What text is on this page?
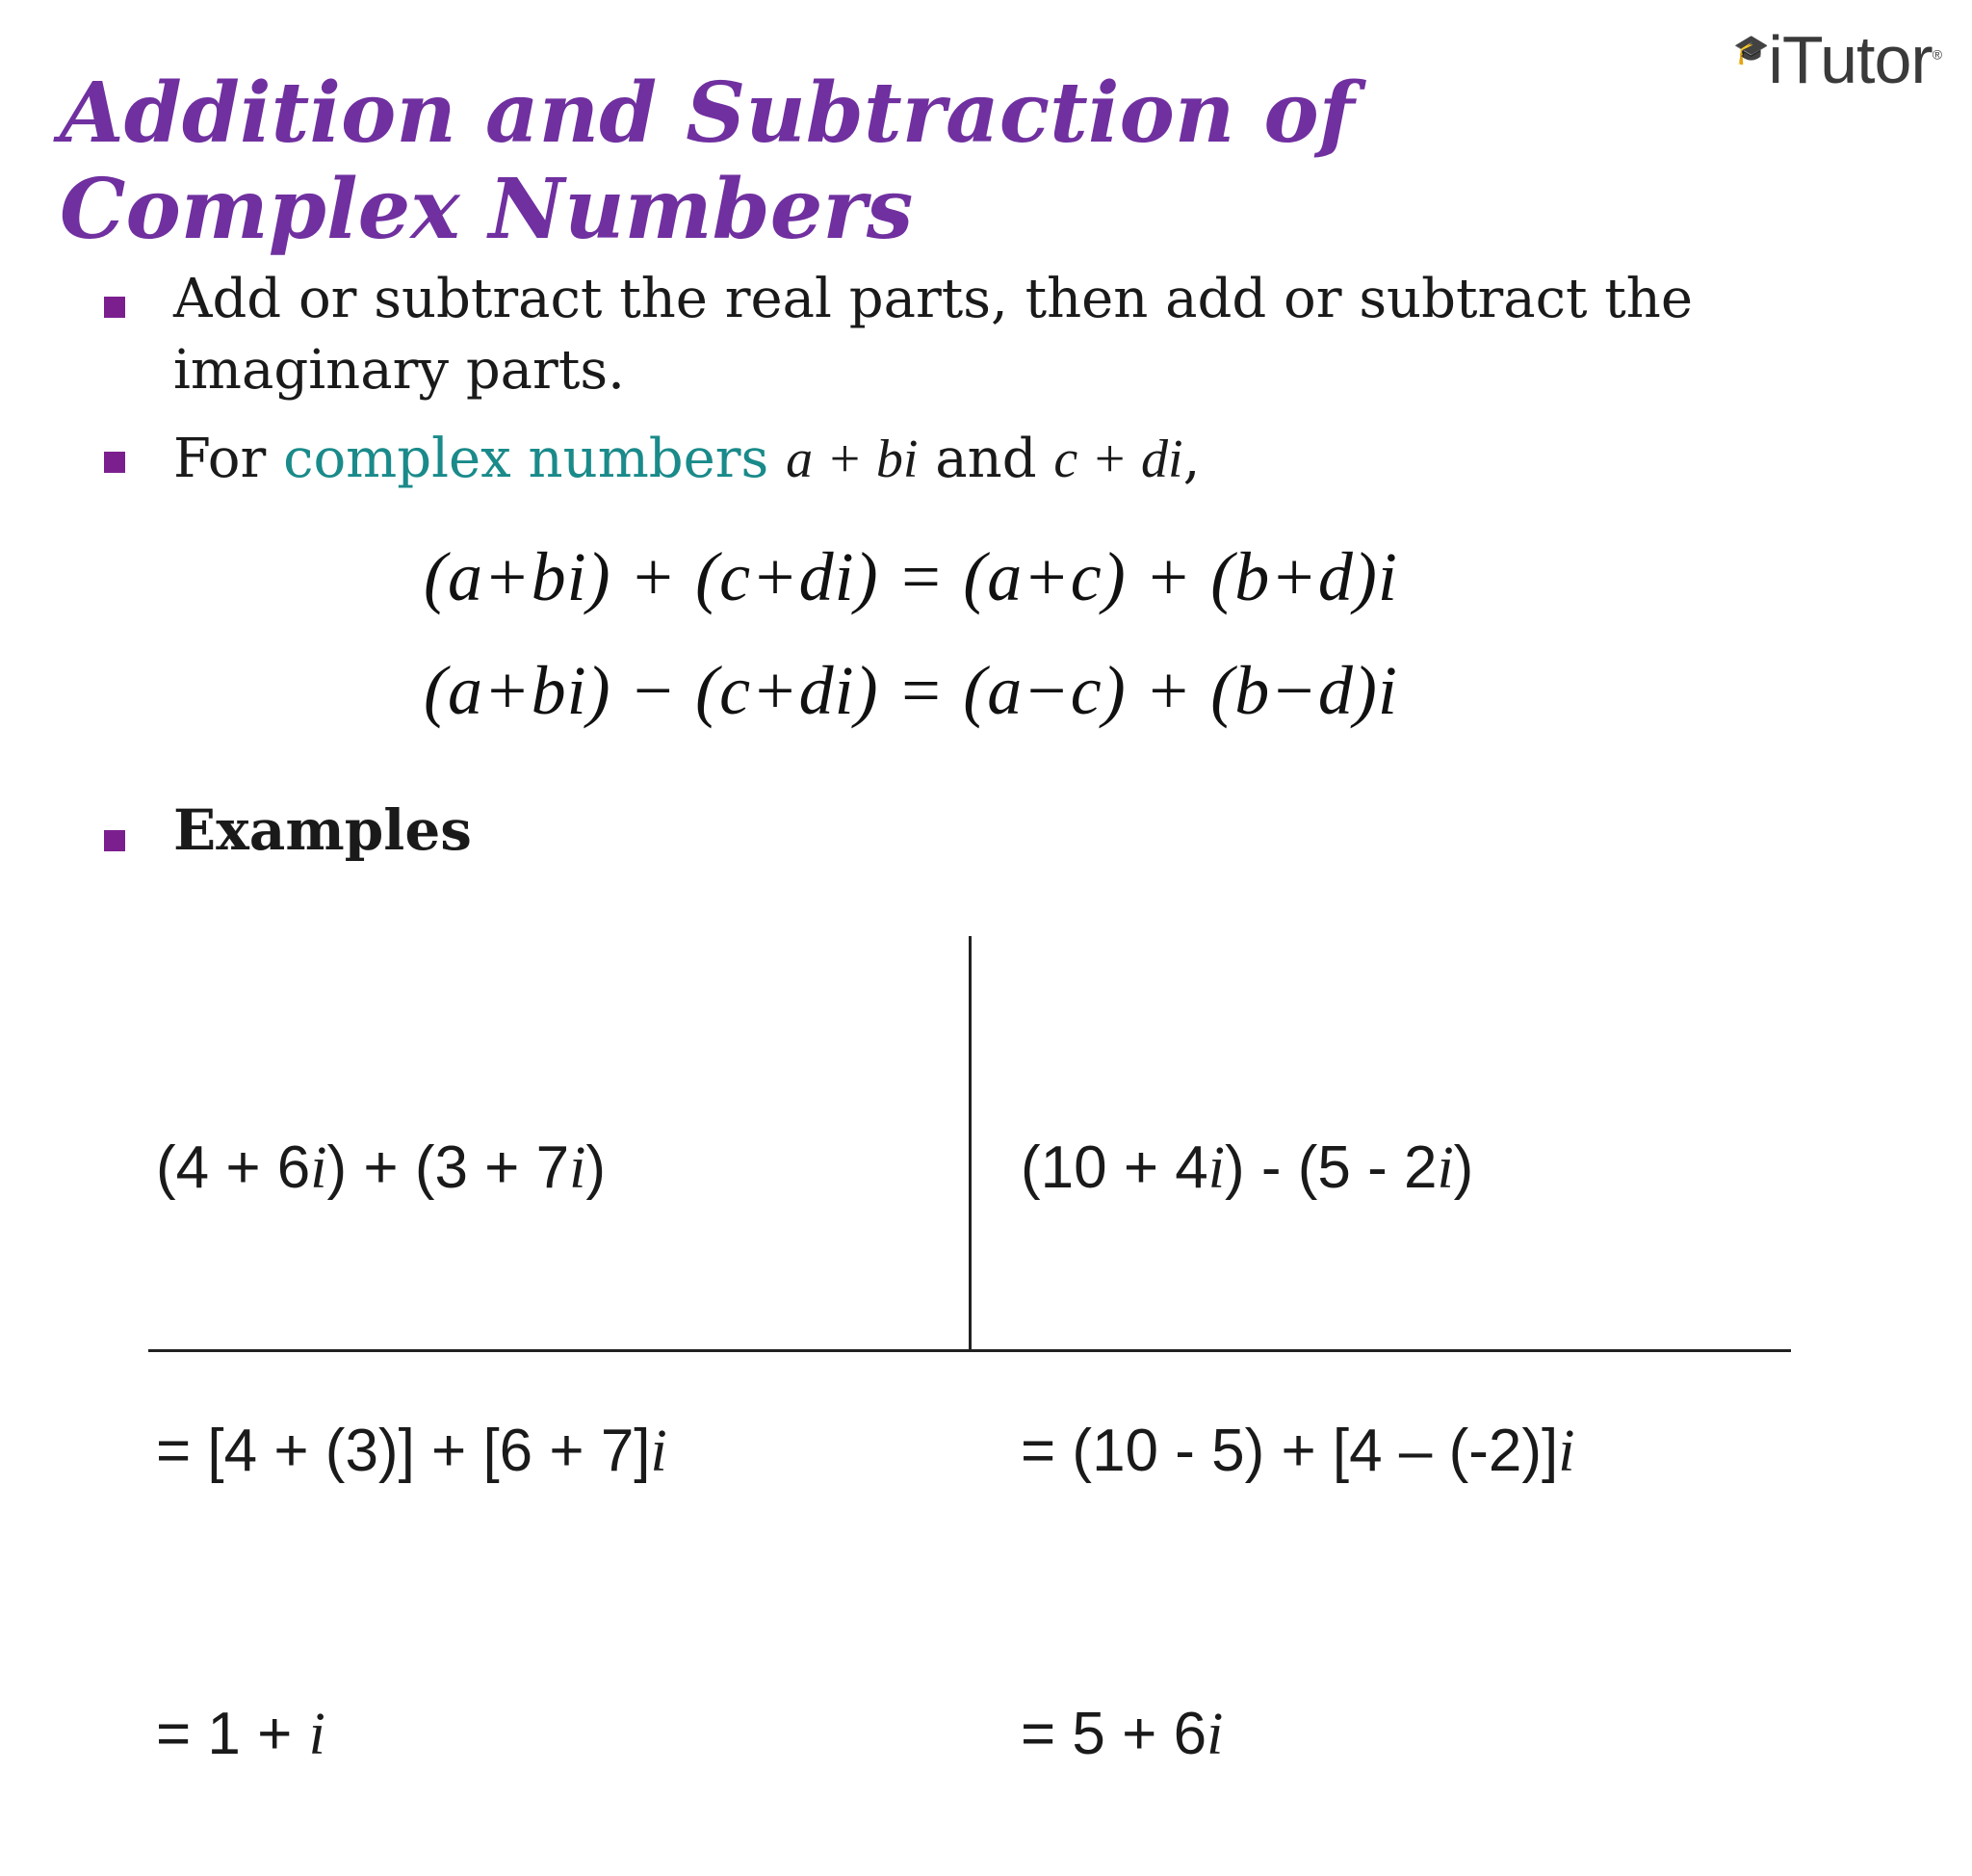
🎓iTutor®
Addition and Subtraction of Complex Numbers

Add or subtract the real parts, then add or subtract the imaginary parts.

For complex numbers a + bi and c + di,

(a+bi) + (c+di) = (a+c) + (b+d)i
(a+bi) − (c+di) = (a−c) + (b−d)i
Examples

(4 + 6i) + (3 + 7i)

= [4 + (3)] + [6 + 7]i

= 1 + i

(10 + 4i) - (5 - 2i)

= (10 - 5) + [4 – (-2)]i

= 5 + 6i
